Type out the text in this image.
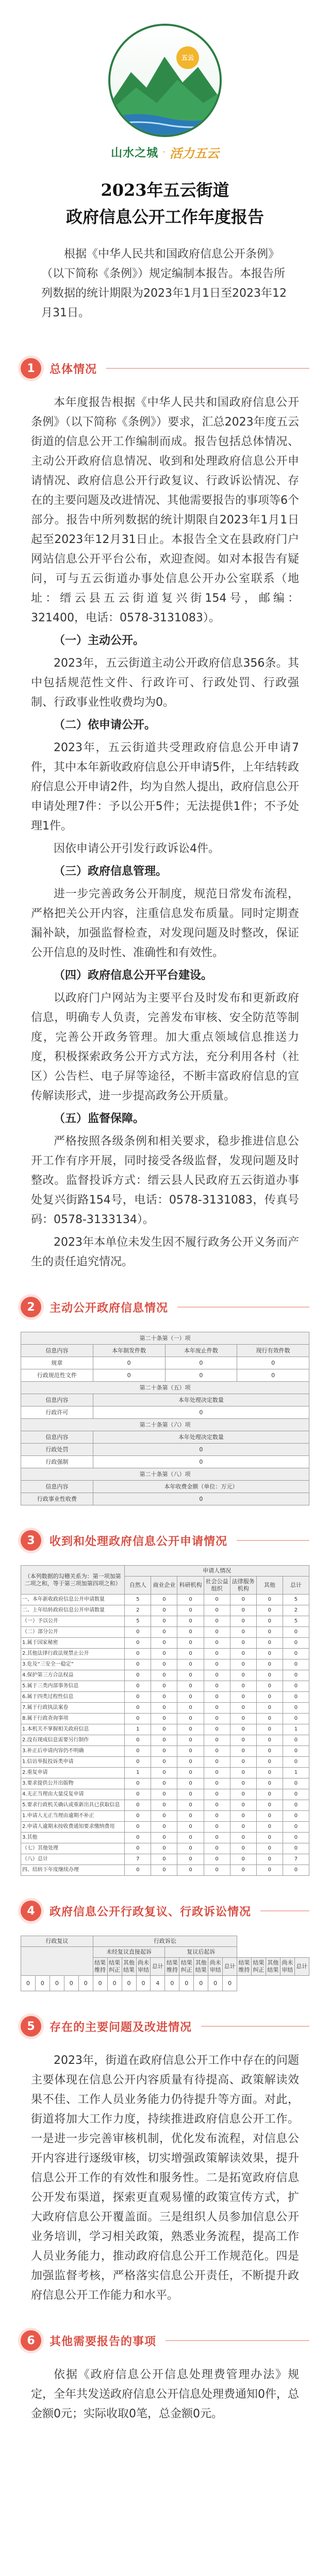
五云
山水之城 · 活力五云
2023年五云街道
政府信息公开工作年度报告

根据《中华人民共和国政府信息公开条例》（以下简称《条例》）规定编制本报告。本报告所列数据的统计期限为2023年1月1日至2023年12月31日。

1	总体情况

本年度报告根据《中华人民共和国政府信息公开条例》（以下简称《条例》）要求，汇总2023年度五云街道的信息公开工作编制而成。报告包括总体情况、主动公开政府信息情况、收到和处理政府信息公开申请情况、政府信息公开行政复议、行政诉讼情况、存在的主要问题及改进情况、其他需要报告的事项等6个部分。报告中所列数据的统计期限自2023年1月1日起至2023年12月31日止。本报告全文在县政府门户网站信息公开平台公布，欢迎查阅。如对本报告有疑问，可与五云街道办事处信息公开办公室联系（地址：缙云县五云街道复兴街154号，邮编：321400，电话：0578-3131083）。

（一）主动公开。

2023年，五云街道主动公开政府信息356条。其中包括规范性文件、行政许可、行政处罚、行政强制、行政事业性收费均为0。

（二）依申请公开。

2023年，五云街道共受理政府信息公开申请7件，其中本年新收政府信息公开申请5件，上年结转政府信息公开申请2件，均为自然人提出，政府信息公开申请处理7件：予以公开5件；无法提供1件；不予处理1件。

因依申请公开引发行政诉讼4件。

（三）政府信息管理。

进一步完善政务公开制度，规范日常发布流程，严格把关公开内容，注重信息发布质量。同时定期查漏补缺，加强监督检查，对发现问题及时整改，保证公开信息的及时性、准确性和有效性。

（四）政府信息公开平台建设。

以政府门户网站为主要平台及时发布和更新政府信息，明确专人负责，完善发布审核、安全防范等制度，完善公开政务管理。加大重点领域信息推送力度，积极探索政务公开方式方法，充分利用各村（社区）公告栏、电子屏等途径，不断丰富政府信息的宣传解读形式，进一步提高政务公开质量。

（五）监督保障。

严格按照各级条例和相关要求，稳步推进信息公开工作有序开展，同时接受各级监督，发现问题及时整改。监督投诉方式：缙云县人民政府五云街道办事处复兴街路154号，电话：0578-3131083，传真号码：0578-3133134）。

2023年本单位未发生因不履行政务公开义务而产生的责任追究情况。

2	主动公开政府信息情况
第二十条第（一）项			
信息内容	本年制发件数	本年废止件数	现行有效件数
规章	0	0	0
行政规范性文件	0	0	0
第二十条第（五）项			
信息内容	本年处理决定数量		
行政许可	0		
第二十条第（六）项			
信息内容	本年处理决定数量		
行政处罚	0		
行政强制	0		
第二十条第（八）项			
信息内容	本年收费金额（单位：万元）		
行政事业性收费	0		
3	收到和处理政府信息公开申请情况
（本列数据的勾稽关系为：第一项加第二项之和，等于第三项加第四项之和）	申请人情况						
	自然人	商业企业	科研机构	社会公益组织	法律服务机构	其他	总计
一、本年新收政府信息公开申请数量	5	0	0	0	0	0	5
二、上年结转政府信息公开申请数量	2	0	0	0	0	0	2
（一）予以公开	5	0	0	0	0	0	5
（二）部分公开	0	0	0	0	0	0	0
1.属于国家秘密	0	0	0	0	0	0	0
2.其他法律行政法规禁止公开	0	0	0	0	0	0	0
3.危及“三安全一稳定”	0	0	0	0	0	0	0
4.保护第三方合法权益	0	0	0	0	0	0	0
5.属于三类内部事务信息	0	0	0	0	0	0	0
6.属于四类过程性信息	0	0	0	0	0	0	0
7.属于行政执法案卷	0	0	0	0	0	0	0
8.属于行政查询事项	0	0	0	0	0	0	0
1.本机关不掌握相关政府信息	1	0	0	0	0	0	1
2.没有现成信息需要另行制作	0	0	0	0	0	0	0
3.补正后申请内容仍不明确	0	0	0	0	0	0	0
1.信访举报投诉类申请	0	0	0	0	0	0	0
2.重复申请	1	0	0	0	0	0	1
3.要求提供公开出版物	0	0	0	0	0	0	0
4.无正当理由大量反复申请	0	0	0	0	0	0	0
5.要求行政机关确认或重新出具已获取信息	0	0	0	0	0	0	0
1.申请人无正当理由逾期不补正	0	0	0	0	0	0	0
2.申请人逾期未按收费通知要求缴纳费用	0	0	0	0	0	0	0
3.其他	0	0	0	0	0	0	0
（七）其他处理	0	0	0	0	0	0	0
（八）总计	7	0	0	0	0	0	7
四、结转下年度继续办理	0	0	0	0	0	0	0
4	政府信息公开行政复议、行政诉讼情况
行政复议					行政诉讼														
					未经复议直接起诉					复议后起诉									
					结果维持	结果纠正	其他结果	尚未审结	总计	结果维持	结果纠正	其他结果	尚未审结	总计	结果维持	结果纠正	其他结果	尚未审结	总计
0	0	0	0	0	0	0	0	0	4	0	0	0	0	0					
5	存在的主要问题及改进情况

2023年，街道在政府信息公开工作中存在的问题主要体现在信息公开内容质量有待提高、政策解读效果不佳、工作人员业务能力仍待提升等方面。对此，街道将加大工作力度，持续推进政府信息公开工作。一是进一步完善审核机制，优化发布流程，对信息公开内容进行逐级审核，切实增强政策解读效果，提升信息公开工作的有效性和服务性。二是拓宽政府信息公开发布渠道，探索更直观易懂的政策宣传方式，扩大政府信息公开覆盖面。三是组织人员参加信息公开业务培训，学习相关政策，熟悉业务流程，提高工作人员业务能力，推动政府信息公开工作规范化。四是加强监督考核，严格落实信息公开责任，不断提升政府信息公开工作能力和水平。

6	其他需要报告的事项

依据《政府信息公开信息处理费管理办法》规定，全年共发送政府信息公开信息处理费通知0件，总金额0元；实际收取0笔，总金额0元。
